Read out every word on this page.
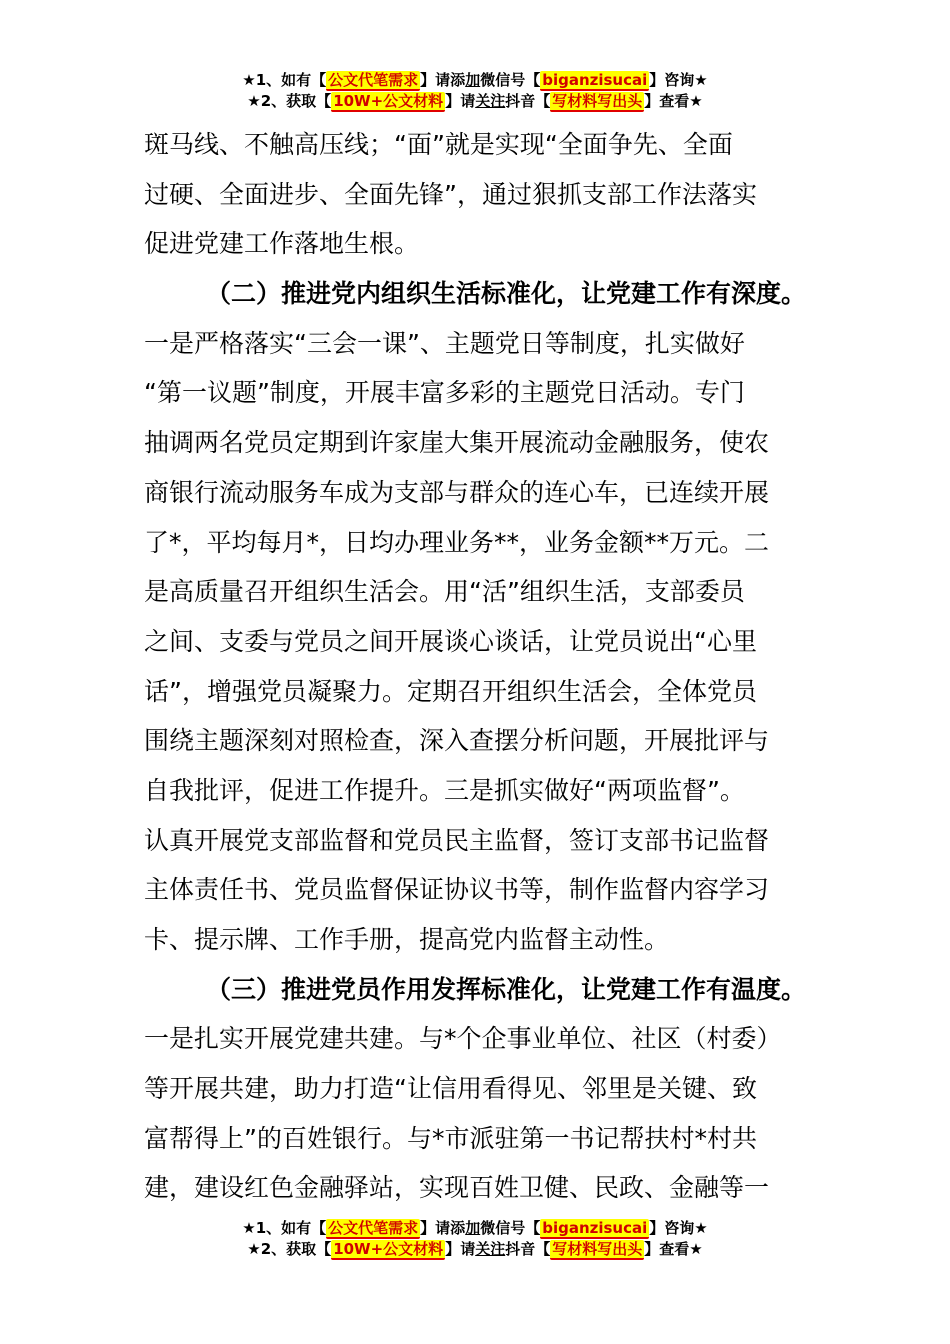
★1、如有【 公文代笔需求 】请添加微信号【 biganzisucai 】咨询★
★2、获取【 10W+公文材料 】请关注抖音【 写材料写出头 】查看★
斑马线、不触高压线；“面”就是实现“全面争先、全面
过硬、全面进步、全面先锋”，通过狠抓支部工作法落实
促进党建工作落地生根。
（二）推进党内组织生活标准化，让党建工作有深度。
一是严格落实“三会一课”、主题党日等制度，扎实做好
“第一议题”制度，开展丰富多彩的主题党日活动。专门
抽调两名党员定期到许家崖大集开展流动金融服务，使农
商银行流动服务车成为支部与群众的连心车，已连续开展
了*，平均每月*，日均办理业务**，业务金额**万元。二
是高质量召开组织生活会。用“活”组织生活，支部委员
之间、支委与党员之间开展谈心谈话，让党员说出“心里
话”，增强党员凝聚力。定期召开组织生活会，全体党员
围绕主题深刻对照检查，深入查摆分析问题，开展批评与
自我批评，促进工作提升。三是抓实做好“两项监督”。
认真开展党支部监督和党员民主监督，签订支部书记监督
主体责任书、党员监督保证协议书等，制作监督内容学习
卡、提示牌、工作手册，提高党内监督主动性。
（三）推进党员作用发挥标准化，让党建工作有温度。
一是扎实开展党建共建。与*个企事业单位、社区（村委）
等开展共建，助力打造“让信用看得见、邻里是关键、致
富帮得上”的百姓银行。与*市派驻第一书记帮扶村*村共
建，建设红色金融驿站，实现百姓卫健、民政、金融等一
★1、如有【 公文代笔需求 】请添加微信号【 biganzisucai 】咨询★
★2、获取【 10W+公文材料 】请关注抖音【 写材料写出头 】查看★
